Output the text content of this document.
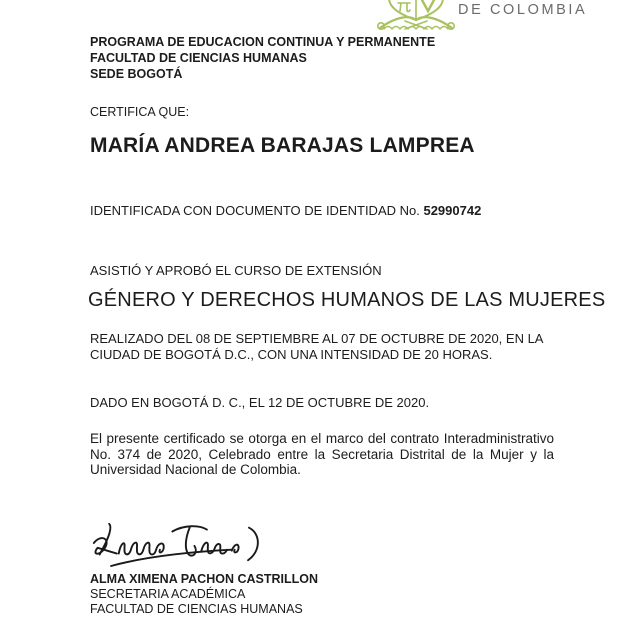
DE COLOMBIA
PROGRAMA DE EDUCACION CONTINUA Y PERMANENTE
FACULTAD DE CIENCIAS HUMANAS
SEDE BOGOTÁ
CERTIFICA QUE:
MARÍA ANDREA BARAJAS LAMPREA
IDENTIFICADA CON DOCUMENTO DE IDENTIDAD No. 52990742
ASISTIÓ Y APROBÓ EL CURSO DE EXTENSIÓN
GÉNERO Y DERECHOS HUMANOS DE LAS MUJERES
REALIZADO DEL 08 DE SEPTIEMBRE AL 07 DE OCTUBRE DE 2020, EN LA CIUDAD DE BOGOTÁ D.C., CON UNA INTENSIDAD DE 20 HORAS.
DADO EN BOGOTÁ D. C., EL 12 DE OCTUBRE DE 2020.
El presente certificado se otorga en el marco del contrato Interadministrativo No. 374 de 2020, Celebrado entre la Secretaria Distrital de la Mujer y la Universidad Nacional de Colombia.
ALMA XIMENA PACHON CASTRILLON
SECRETARIA ACADÉMICA
FACULTAD DE CIENCIAS HUMANAS
